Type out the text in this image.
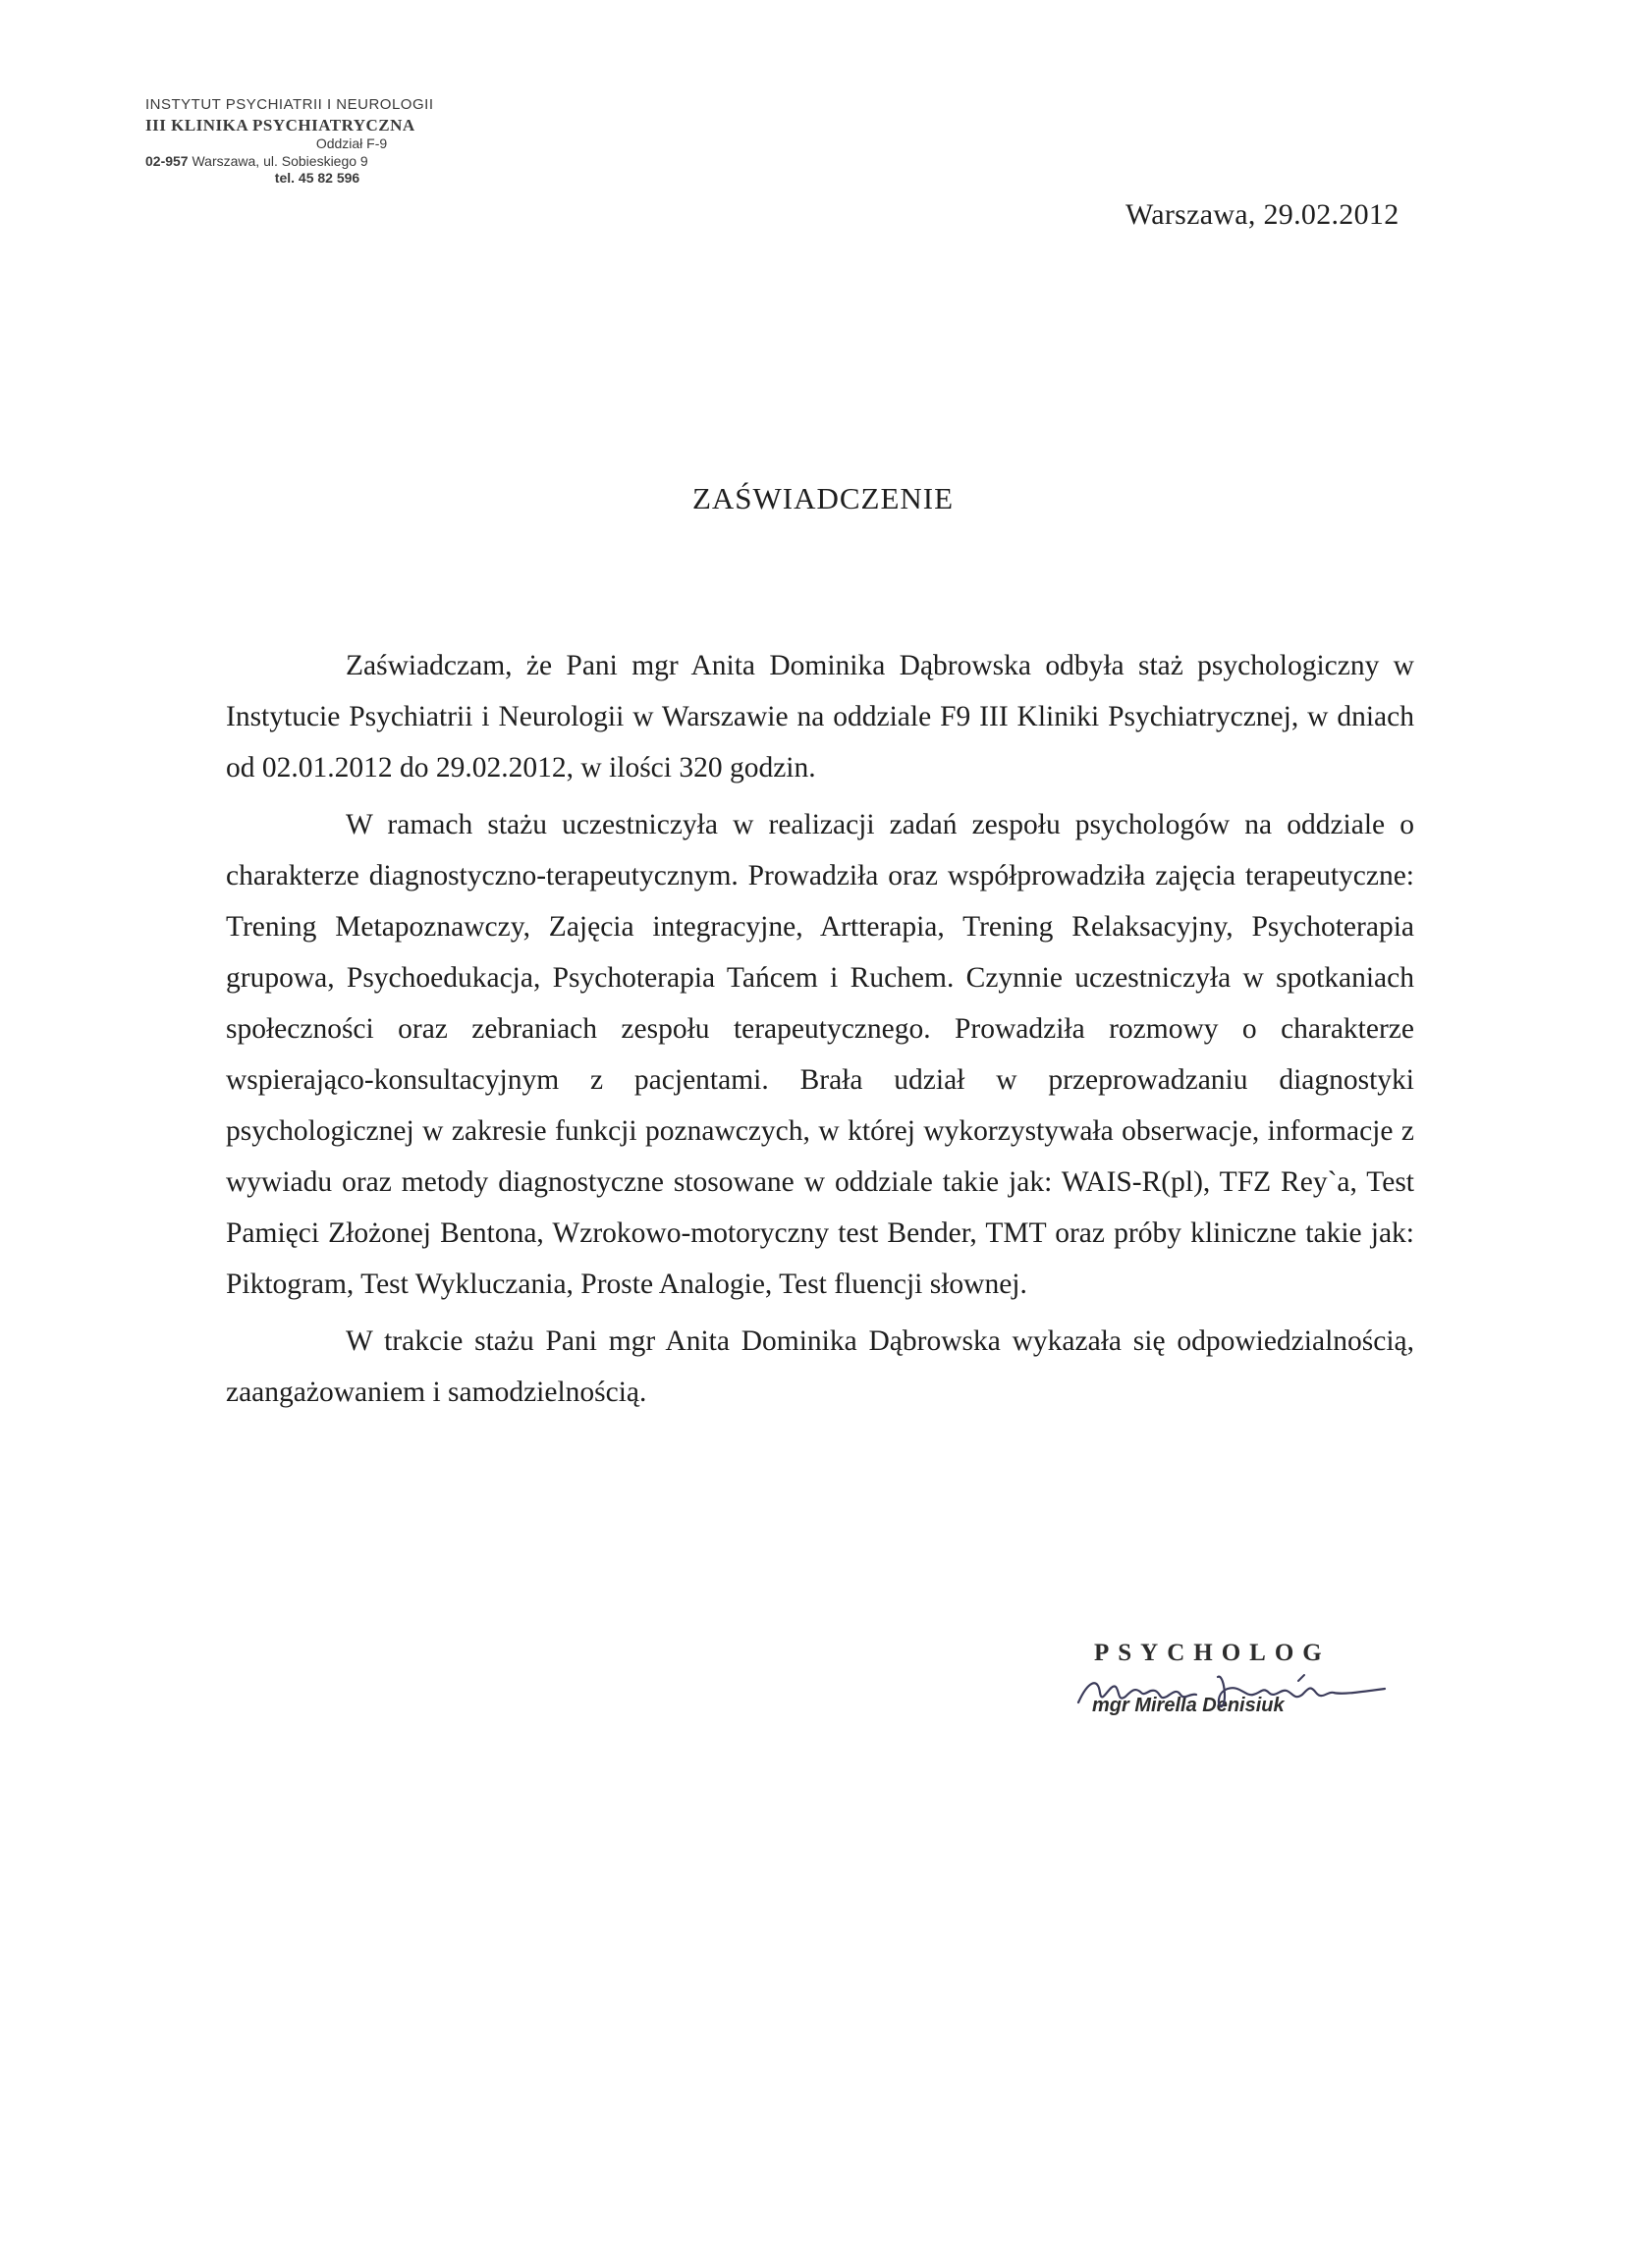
INSTYTUT PSYCHIATRII I NEUROLOGII
III KLINIKA PSYCHIATRYCZNA
Oddział F-9
02-957 Warszawa, ul. Sobieskiego 9
tel. 45 82 596
Warszawa, 29.02.2012
ZAŚWIADCZENIE

Zaświadczam, że Pani mgr Anita Dominika Dąbrowska odbyła staż psychologiczny w Instytucie Psychiatrii i Neurologii w Warszawie na oddziale F9 III Kliniki Psychiatrycznej, w dniach od 02.01.2012 do 29.02.2012, w ilości 320 godzin.

W ramach stażu uczestniczyła w realizacji zadań zespołu psychologów na oddziale o charakterze diagnostyczno-terapeutycznym. Prowadziła oraz współprowadziła zajęcia terapeutyczne: Trening Metapoznawczy, Zajęcia integracyjne, Artterapia, Trening Relaksacyjny, Psychoterapia grupowa, Psychoedukacja, Psychoterapia Tańcem i Ruchem. Czynnie uczestniczyła w spotkaniach społeczności oraz zebraniach zespołu terapeutycznego. Prowadziła rozmowy o charakterze wspierająco-konsultacyjnym z pacjentami. Brała udział w przeprowadzaniu diagnostyki psychologicznej w zakresie funkcji poznawczych, w której wykorzystywała obserwacje, informacje z wywiadu oraz metody diagnostyczne stosowane w oddziale takie jak: WAIS-R(pl), TFZ Rey`a, Test Pamięci Złożonej Bentona, Wzrokowo-motoryczny test Bender, TMT oraz próby kliniczne takie jak: Piktogram, Test Wykluczania, Proste Analogie, Test fluencji słownej.

W trakcie stażu Pani mgr Anita Dominika Dąbrowska wykazała się odpowiedzialnością, zaangażowaniem i samodzielnością.

PSYCHOLOG
mgr Mirella Denisiuk
